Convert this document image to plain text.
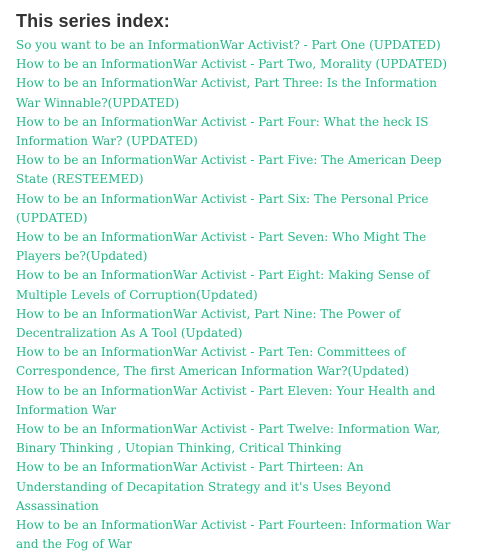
This series index:
So you want to be an InformationWar Activist? - Part One (UPDATED)
How to be an InformationWar Activist - Part Two, Morality (UPDATED)
How to be an InformationWar Activist, Part Three: Is the Information War Winnable?(UPDATED)
How to be an InformationWar Activist - Part Four: What the heck IS Information War? (UPDATED)
How to be an InformationWar Activist - Part Five: The American Deep State (RESTEEMED)
How to be an InformationWar Activist - Part Six: The Personal Price (UPDATED)
How to be an InformationWar Activist - Part Seven: Who Might The Players be?(Updated)
How to be an InformationWar Activist - Part Eight: Making Sense of Multiple Levels of Corruption(Updated)
How to be an InformationWar Activist, Part Nine: The Power of Decentralization As A Tool (Updated)
How to be an InformationWar Activist - Part Ten: Committees of Correspondence, The first American Information War?(Updated)
How to be an InformationWar Activist - Part Eleven: Your Health and Information War
How to be an InformationWar Activist - Part Twelve: Information War, Binary Thinking , Utopian Thinking, Critical Thinking
How to be an InformationWar Activist - Part Thirteen: An Understanding of Decapitation Strategy and it's Uses Beyond Assassination
How to be an InformationWar Activist - Part Fourteen: Information War and the Fog of War
